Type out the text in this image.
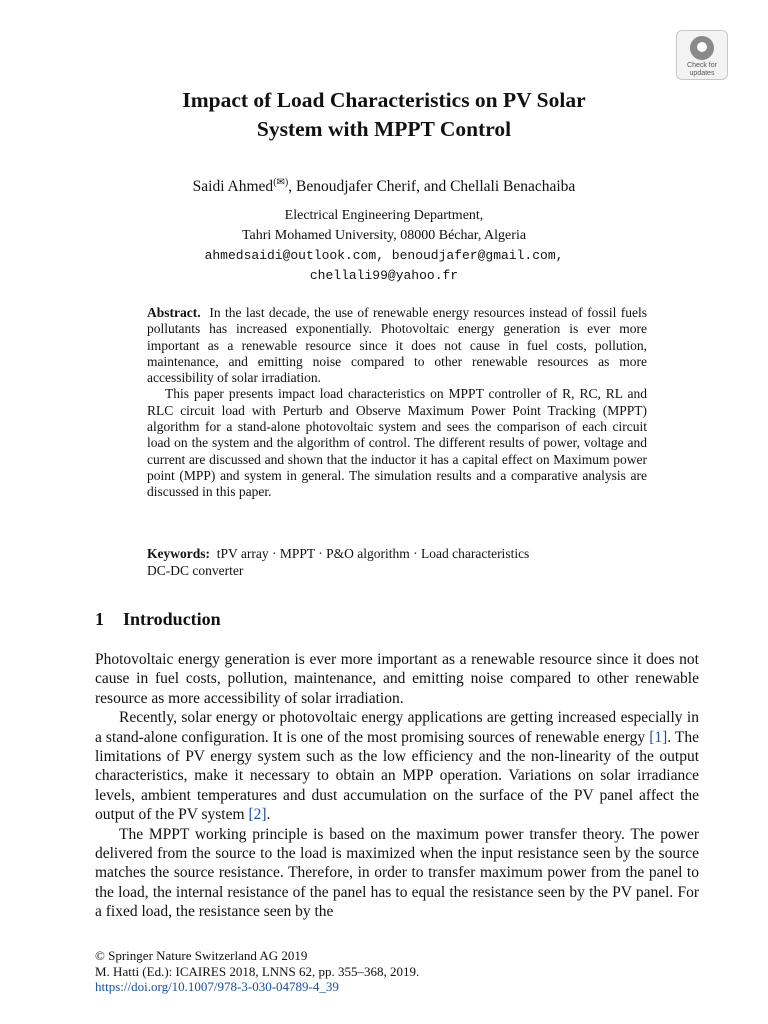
Check for
updates
Impact of Load Characteristics on PV Solar
System with MPPT Control
Saidi Ahmed(✉), Benoudjafer Cherif, and Chellali Benachaiba
Electrical Engineering Department,
Tahri Mohamed University, 08000 Béchar, Algeria
ahmedsaidi@outlook.com, benoudjafer@gmail.com,
chellali99@yahoo.fr

Abstract. In the last decade, the use of renewable energy resources instead of fossil fuels pollutants has increased exponentially. Photovoltaic energy generation is ever more important as a renewable resource since it does not cause in fuel costs, pollution, maintenance, and emitting noise compared to other renewable resources as more accessibility of solar irradiation.

This paper presents impact load characteristics on MPPT controller of R, RC, RL and RLC circuit load with Perturb and Observe Maximum Power Point Tracking (MPPT) algorithm for a stand-alone photovoltaic system and sees the comparison of each circuit load on the system and the algorithm of control. The different results of power, voltage and current are discussed and shown that the inductor it has a capital effect on Maximum power point (MPP) and system in general. The simulation results and a comparative analysis are discussed in this paper.

Keywords: tPV array · MPPT · P&O algorithm · Load characteristics
DC-DC converter
1 Introduction

Photovoltaic energy generation is ever more important as a renewable resource since it does not cause in fuel costs, pollution, maintenance, and emitting noise compared to other renewable resource as more accessibility of solar irradiation.

Recently, solar energy or photovoltaic energy applications are getting increased especially in a stand-alone configuration. It is one of the most promising sources of renewable energy [1]. The limitations of PV energy system such as the low efficiency and the non-linearity of the output characteristics, make it necessary to obtain an MPP operation. Variations on solar irradiance levels, ambient temperatures and dust accumulation on the surface of the PV panel affect the output of the PV system [2].

The MPPT working principle is based on the maximum power transfer theory. The power delivered from the source to the load is maximized when the input resistance seen by the source matches the source resistance. Therefore, in order to transfer maximum power from the panel to the load, the internal resistance of the panel has to equal the resistance seen by the PV panel. For a fixed load, the resistance seen by the

© Springer Nature Switzerland AG 2019
M. Hatti (Ed.): ICAIRES 2018, LNNS 62, pp. 355–368, 2019.
https://doi.org/10.1007/978-3-030-04789-4_39
